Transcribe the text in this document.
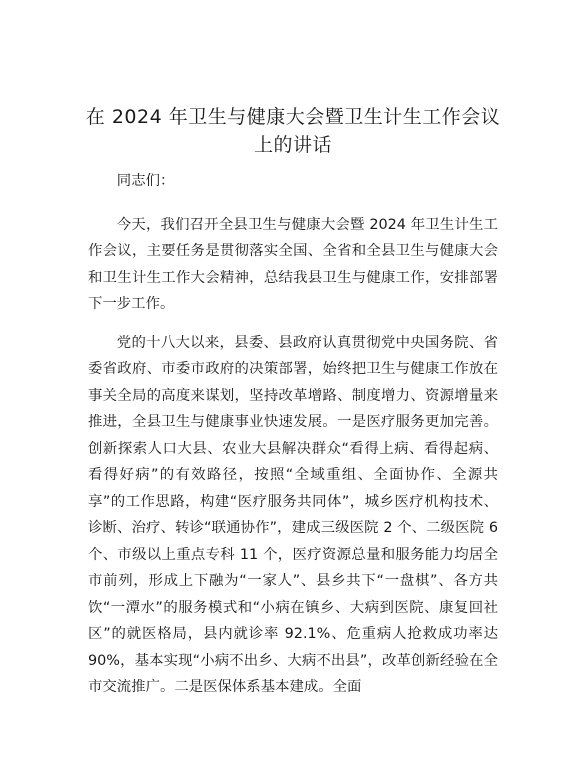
在 2024 年卫生与健康大会暨卫生计生工作会议
上的讲话

同志们：

今天，我们召开全县卫生与健康大会暨 2024 年卫生计生工作会议，主要任务是贯彻落实全国、全省和全县卫生与健康大会和卫生计生工作大会精神，总结我县卫生与健康工作，安排部署下一步工作。

党的十八大以来，县委、县政府认真贯彻党中央国务院、省委省政府、市委市政府的决策部署，始终把卫生与健康工作放在事关全局的高度来谋划，坚持改革增路、制度增力、资源增量来推进，全县卫生与健康事业快速发展。一是医疗服务更加完善。创新探索人口大县、农业大县解决群众“看得上病、看得起病、看得好病”的有效路径，按照“全域重组、全面协作、全源共享”的工作思路，构建“医疗服务共同体”，城乡医疗机构技术、诊断、治疗、转诊“联通协作”，建成三级医院 2 个、二级医院 6 个、市级以上重点专科 11 个，医疗资源总量和服务能力均居全市前列，形成上下融为“一家人”、县乡共下“一盘棋”、各方共饮“一潭水”的服务模式和“小病在镇乡、大病到医院、康复回社区”的就医格局，县内就诊率 92.1%、危重病人抢救成功率达 90%，基本实现“小病不出乡、大病不出县”，改革创新经验在全市交流推广。二是医保体系基本建成。全面
